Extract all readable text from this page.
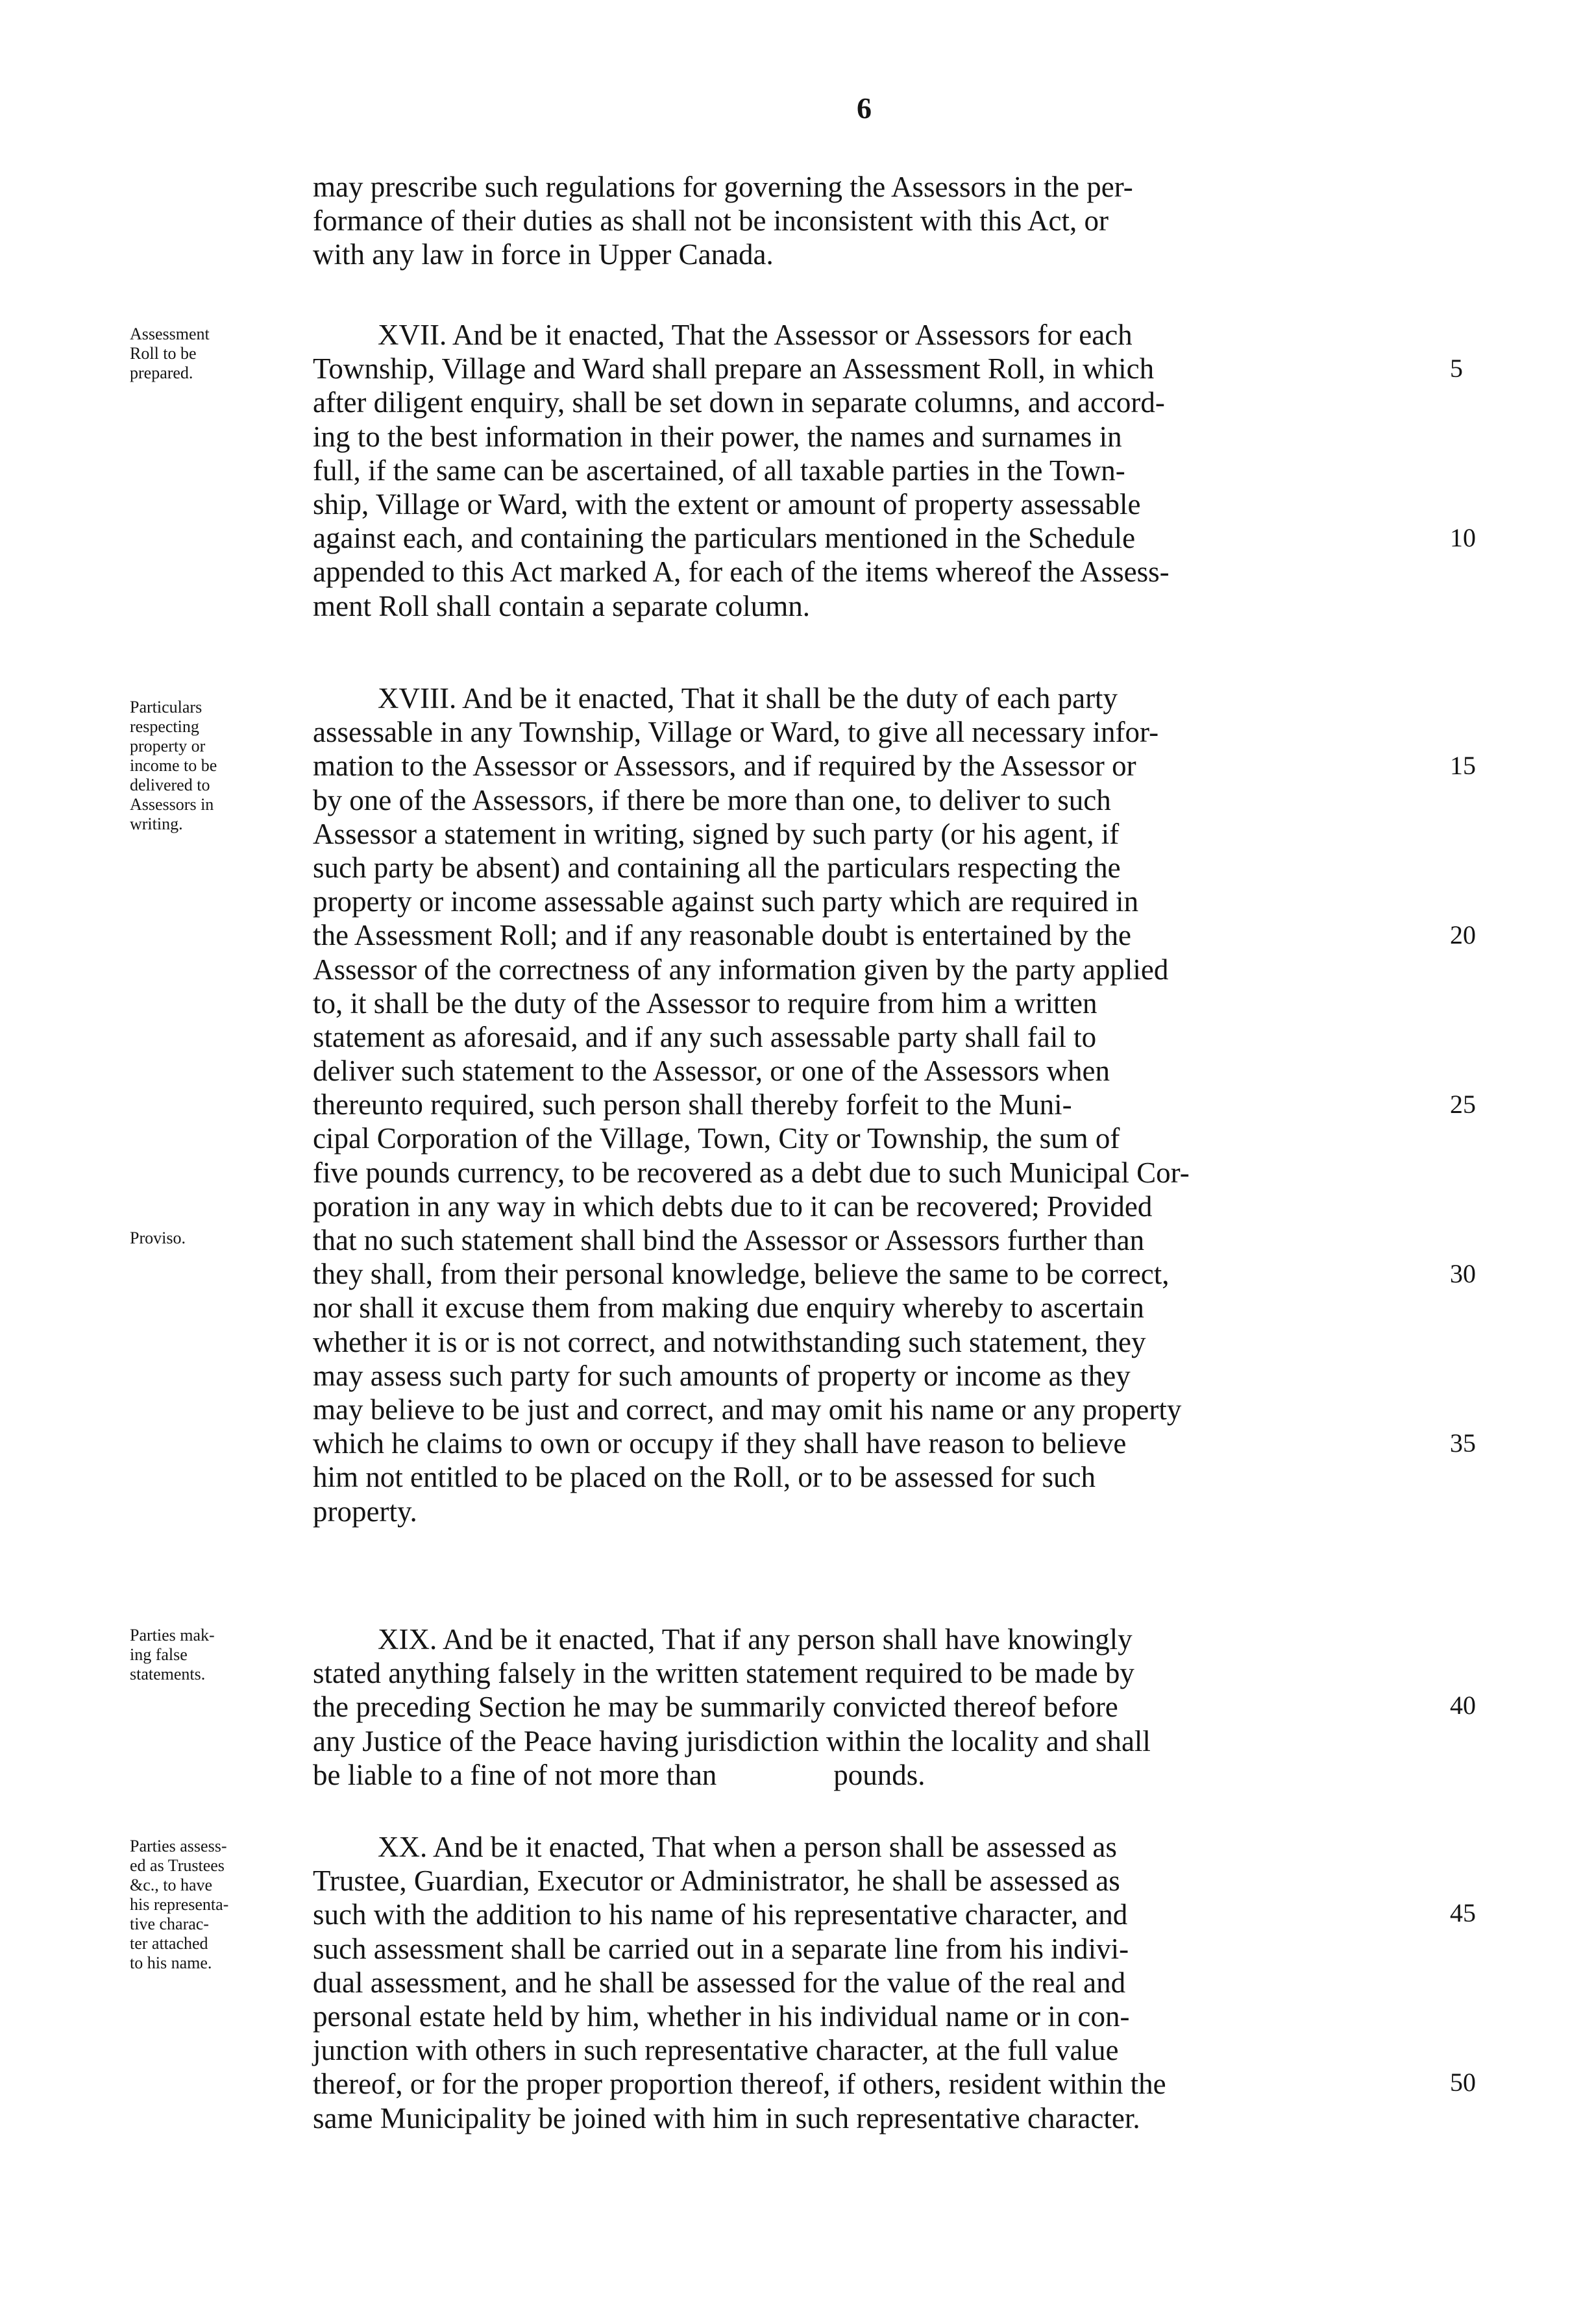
6

may prescribe such regulations for governing the Assessors in the per-
formance of their duties as shall not be inconsistent with this Act, or
with any law in force in Upper Canada.

Assessment
Roll to be
prepared.

XVII. And be it enacted, That the Assessor or Assessors for each
Township, Village and Ward shall prepare an Assessment Roll, in which
after diligent enquiry, shall be set down in separate columns, and accord-
ing to the best information in their power, the names and surnames in
full, if the same can be ascertained, of all taxable parties in the Town-
ship, Village or Ward, with the extent or amount of property assessable
against each, and containing the particulars mentioned in the Schedule
appended to this Act marked A, for each of the items whereof the Assess-
ment Roll shall contain a separate column.

Particulars
respecting
property or
income to be
delivered to
Assessors in
writing.

Proviso.

XVIII. And be it enacted, That it shall be the duty of each party
assessable in any Township, Village or Ward, to give all necessary infor-
mation to the Assessor or Assessors, and if required by the Assessor or
by one of the Assessors, if there be more than one, to deliver to such
Assessor a statement in writing, signed by such party (or his agent, if
such party be absent) and containing all the particulars respecting the
property or income assessable against such party which are required in
the Assessment Roll; and if any reasonable doubt is entertained by the
Assessor of the correctness of any information given by the party applied
to, it shall be the duty of the Assessor to require from him a written
statement as aforesaid, and if any such assessable party shall fail to
deliver such statement to the Assessor, or one of the Assessors when
thereunto required, such person shall thereby forfeit to the Muni-
cipal Corporation of the Village, Town, City or Township, the sum of
five pounds currency, to be recovered as a debt due to such Municipal Cor-
poration in any way in which debts due to it can be recovered; Provided
that no such statement shall bind the Assessor or Assessors further than
they shall, from their personal knowledge, believe the same to be correct,
nor shall it excuse them from making due enquiry whereby to ascertain
whether it is or is not correct, and notwithstanding such statement, they
may assess such party for such amounts of property or income as they
may believe to be just and correct, and may omit his name or any property
which he claims to own or occupy if they shall have reason to believe
him not entitled to be placed on the Roll, or to be assessed for such
property.

Parties mak-
ing false
statements.

XIX. And be it enacted, That if any person shall have knowingly
stated anything falsely in the written statement required to be made by
the preceding Section he may be summarily convicted thereof before
any Justice of the Peace having jurisdiction within the locality and shall
be liable to a fine of not more than	pounds.

Parties assess-
ed as Trustees
&c., to have
his representa-
tive charac-
ter attached
to his name.

XX. And be it enacted, That when a person shall be assessed as
Trustee, Guardian, Executor or Administrator, he shall be assessed as
such with the addition to his name of his representative character, and
such assessment shall be carried out in a separate line from his indivi-
dual assessment, and he shall be assessed for the value of the real and
personal estate held by him, whether in his individual name or in con-
junction with others in such representative character, at the full value
thereof, or for the proper proportion thereof, if others, resident within the
same Municipality be joined with him in such representative character.

5

10

15

20

25

30

35

40

45

50
